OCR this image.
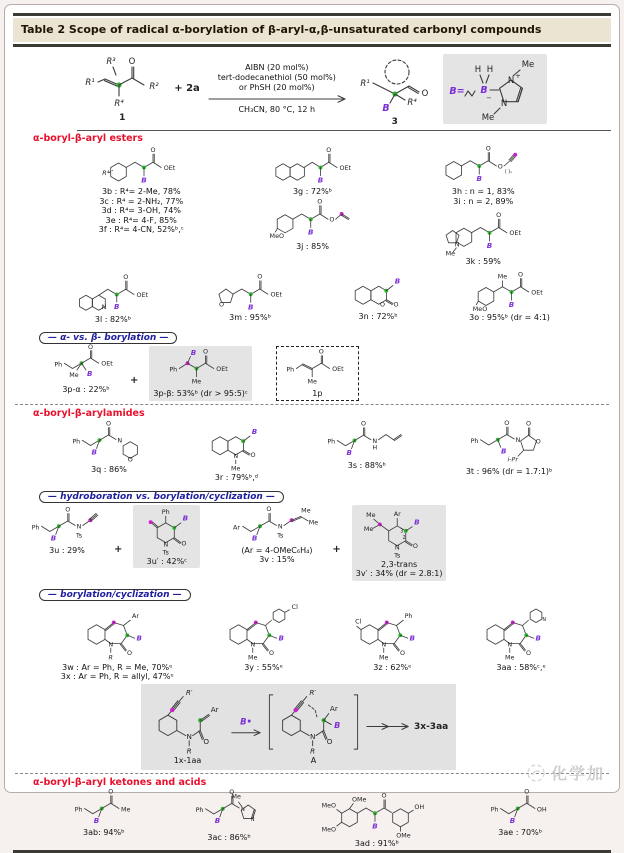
Table 2 Scope of radical α-borylation of β-aryl-α,β-unsaturated carbonyl compounds
R³
R¹
R⁴
O
R²
1
+ 2a
AIBN (20 mol%)
tert-dodecanethiol (50 mol%)
or PhSH (20 mol%)
CH₃CN, 80 °C, 12 h
R¹
B R⁴
O
3
B=
H H
B
−
N +
Me
N
Me
α-boryl-β-aryl esters
R⁴
B
O
OEt
3b : R⁴= 2-Me, 78%
3c : R⁴ = 2-NH₂, 77%
3d : R⁴= 3-OH, 74%
3e : R⁴= 4-F, 85%
3f : R⁴= 4-CN, 52%ᵇ,ᶜ
B
O
OEt
3g : 72%ᵇ
MeO	B
O
O
3j : 85%
B
O
O
( )ₙ
3h : n = 1, 83%
3i : n = 2, 89%
N
Me
B
O
OEt
3k : 59%
N B
O
OEt
3l : 82%ᵇ
O	B
O
OEt
3m : 95%ᵇ
O O
B
3n : 72%ᵇ
MeO
Me
B
O
OEt
3o : 95%ᵇ (dr = 4:1)
— α- vs. β- borylation —
Ph
Me B
O
OEt
3p-α : 22%ᵇ
+
Ph
B
Me
O
OEt
3p-β: 53%ᵇ (dr > 95:5)ᶜ
Ph
Me
O
OEt
1p
α-boryl-β-arylamides
Ph
B
O
N
O
3q : 86%
N
Me
O
B
3r : 79%ᵇ,ᵈ
Ph
B
O
N
H
3s : 88%ᵇ
Ph
B
O
N
O
O
i-Pr
3t : 96% (dr = 1.7:1)ᵇ
— hydroboration vs. borylation/cyclization —
Ph
B
O
N
Ts
3u : 29%	+
Ph
B
N
Ts
O
3u′ : 42%ᶜ
Ar
B
O
N
Ts
Me
Me
(Ar = 4-OMeC₆H₄)
3v : 15%
+
Me
Me
Ar
B
3
2
N
Ts
O
2,3-trans
3v′ : 34% (dr = 2.8:1)
— borylation/cyclization —
Ar
B
O
N
R
3w : Ar = Ph, R = Me, 70%ᵉ
3x : Ar = Ph, R = allyl, 47%ᵉ
Cl
B
O
N
Me
3y : 55%ᵉ
Cl
Ph
B
O
N
Me
3z : 62%ᵉ
N
B
O
N
Me
3aa : 58%ᶜ,ᵉ
R′
N
R
O
Ar
1x-1aa
B•
R′
N
R
O
Ar
B
A
3x-3aa
α-boryl-β-aryl ketones and acids
Ph
B
O
Me
3ab: 94%ᵇ
Ph
B
O
N
N
Me
3ac : 86%ᵇ
OMe
MeO
MeO	B
O
OH
OMe
3ad : 91%ᵇ
Ph
B
O
OH
3ae : 70%ᵇ
化学加
